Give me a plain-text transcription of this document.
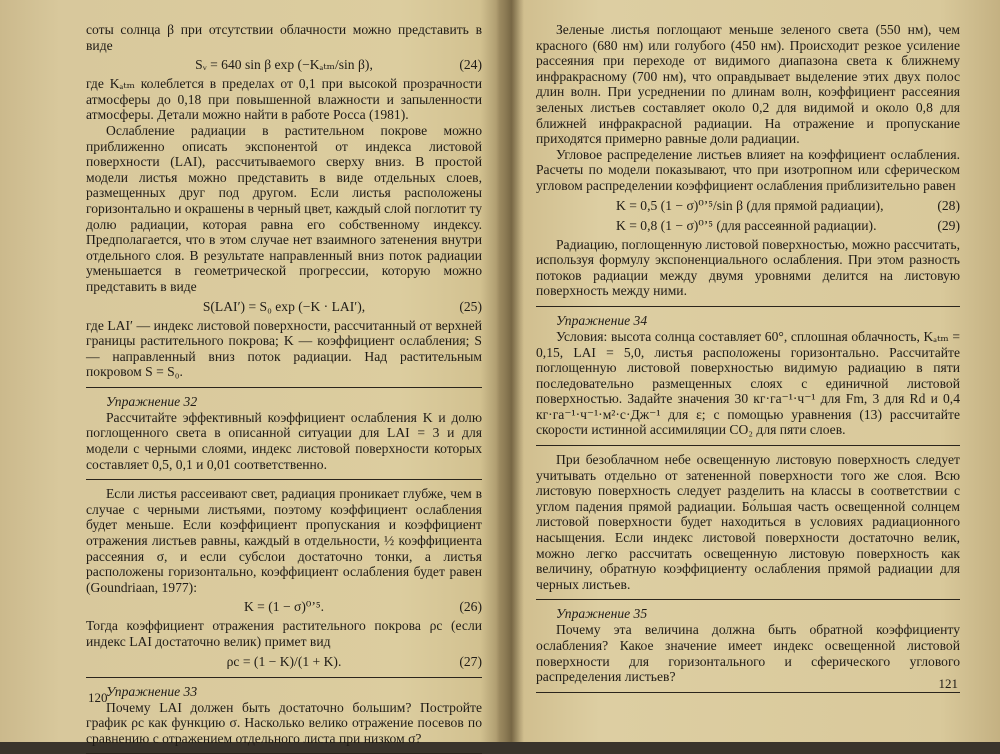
соты солнца β при отсутствии облачности можно представить в виде

Sᵥ = 640 sin β exp (−Kₐₜₘ/sin β),	(24)

где Kₐₜₘ колеблется в пределах от 0,1 при высокой прозрачности атмосферы до 0,18 при повышенной влажности и запыленности атмосферы. Детали можно найти в работе Росса (1981).

Ослабление радиации в растительном покрове можно приближенно описать экспонентой от индекса листовой поверхности (LAI), рассчитываемого сверху вниз. В простой модели листья можно представить в виде отдельных слоев, размещенных друг под другом. Если листья расположены горизонтально и окрашены в черный цвет, каждый слой поглотит ту долю радиации, которая равна его собственному индексу. Предполагается, что в этом случае нет взаимного затенения внутри отдельного слоя. В результате направленный вниз поток радиации уменьшается в геометрической прогрессии, которую можно представить в виде

S(LAI′) = S₀ exp (−K · LAI′),	(25)

где LAI′ — индекс листовой поверхности, рассчитанный от верхней границы растительного покрова; K — коэффициент ослабления; S — направленный вниз поток радиации. Над растительным покровом S = S₀.

Упражнение 32

Рассчитайте эффективный коэффициент ослабления K и долю поглощенного света в описанной ситуации для LAI = 3 и для модели с черными слоями, индекс листовой поверхности которых составляет 0,5, 0,1 и 0,01 соответственно.

Если листья рассеивают свет, радиация проникает глубже, чем в случае с черными листьями, поэтому коэффициент ослабления будет меньше. Если коэффициент пропускания и коэффициент отражения листьев равны, каждый в отдельности, ½ коэффициента рассеяния σ, и если субслои достаточно тонки, а листья расположены горизонтально, коэффициент ослабления будет равен (Goundriaan, 1977):

K = (1 − σ)⁰ʼ⁵.	(26)

Тогда коэффициент отражения растительного покрова ρc (если индекс LAI достаточно велик) примет вид

ρc = (1 − K)/(1 + K).	(27)
Упражнение 33

Почему LAI должен быть достаточно большим? Постройте график ρc как функцию σ. Насколько велико отражение посевов по сравнению с отражением отдельного листа при низком σ?

120

Зеленые листья поглощают меньше зеленого света (550 нм), чем красного (680 нм) или голубого (450 нм). Происходит резкое усиление рассеяния при переходе от видимого диапазона света к ближнему инфракрасному (700 нм), что оправдывает выделение этих двух полос длин волн. При усреднении по длинам волн, коэффициент рассеяния зеленых листьев составляет около 0,2 для видимой и около 0,8 для ближней инфракрасной радиации. На отражение и пропускание приходятся примерно равные доли радиации.

Угловое распределение листьев влияет на коэффициент ослабления. Расчеты по модели показывают, что при изотропном или сферическом угловом распределении коэффициент ослабления приблизительно равен

K = 0,5 (1 − σ)⁰ʼ⁵/sin β (для прямой радиации),	(28)
K = 0,8 (1 − σ)⁰ʼ⁵ (для рассеянной радиации).	(29)

Радиацию, поглощенную листовой поверхностью, можно рассчитать, используя формулу экспоненциального ослабления. При этом разность потоков радиации между двумя уровнями делится на листовую поверхность между ними.

Упражнение 34

Условия: высота солнца составляет 60°, сплошная облачность, Kₐₜₘ = 0,15, LAI = 5,0, листья расположены горизонтально. Рассчитайте поглощенную листовой поверхностью видимую радиацию в пяти последовательно размещенных слоях с единичной листовой поверхностью. Задайте значения 30 кг·га⁻¹·ч⁻¹ для Fm, 3 для Rd и 0,4 кг·га⁻¹·ч⁻¹·м²·с·Дж⁻¹ для ε; с помощью уравнения (13) рассчитайте скорости истинной ассимиляции CO₂ для пяти слоев.

При безоблачном небе освещенную листовую поверхность следует учитывать отдельно от затененной поверхности того же слоя. Всю листовую поверхность следует разделить на классы в соответствии с углом падения прямой радиации. Бо́льшая часть освещенной солнцем листовой поверхности будет находиться в условиях радиационного насыщения. Если индекс листовой поверхности достаточно велик, можно легко рассчитать освещенную листовую поверхность как величину, обратную коэффициенту ослабления прямой радиации для черных листьев.

Упражнение 35

Почему эта величина должна быть обратной коэффициенту ослабления? Какое значение имеет индекс освещенной листовой поверхности для горизонтального и сферического углового распределения листьев?	121
